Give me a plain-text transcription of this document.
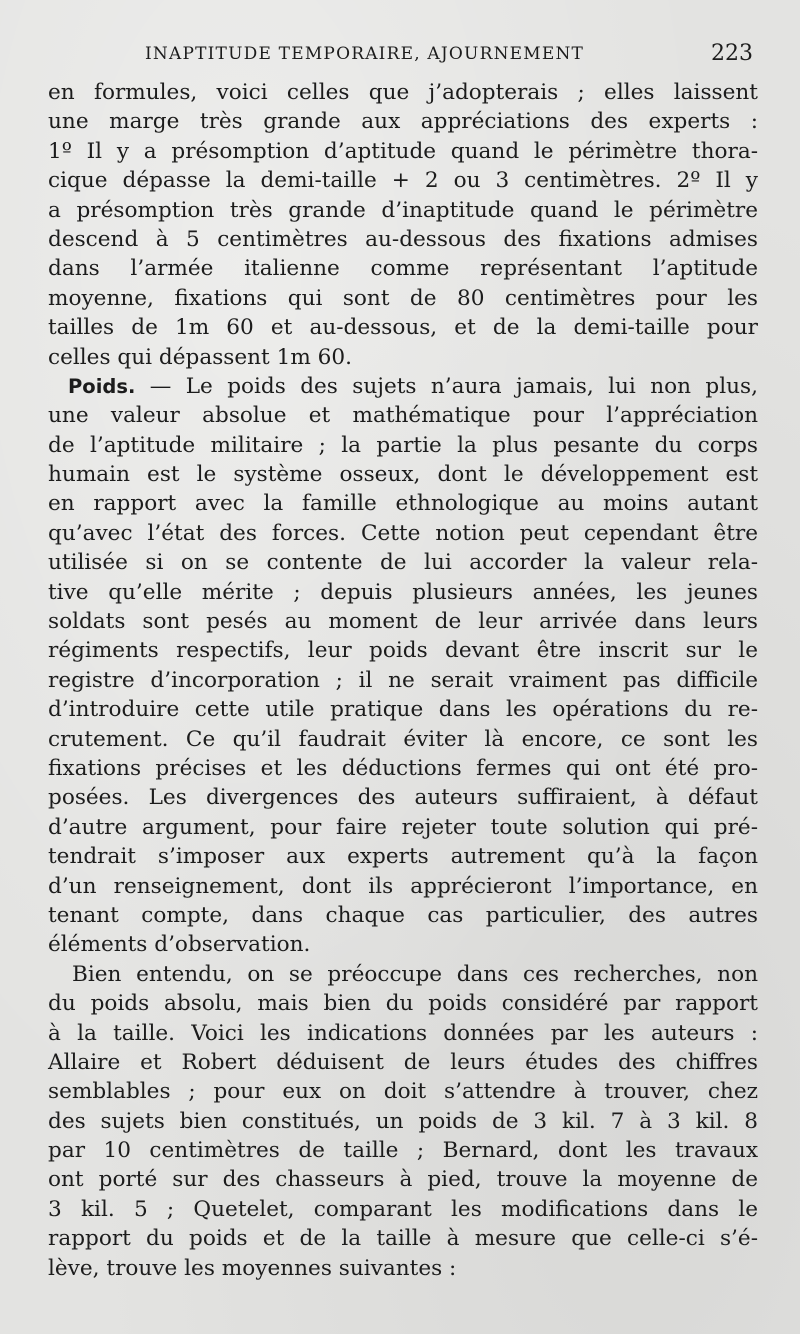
INAPTITUDE TEMPORAIRE, AJOURNEMENT	223
en formules, voici celles que j’adopterais ; elles laissent
une marge très grande aux appréciations des experts :
1º Il y a présomption d’aptitude quand le périmètre thora-
cique dépasse la demi-taille + 2 ou 3 centimètres. 2º Il y
a présomption très grande d’inaptitude quand le périmètre
descend à 5 centimètres au-dessous des fixations admises
dans l’armée italienne comme représentant l’aptitude
moyenne, fixations qui sont de 80 centimètres pour les
tailles de 1m 60 et au-dessous, et de la demi-taille pour
celles qui dépassent 1m 60.
Poids. — Le poids des sujets n’aura jamais, lui non plus,
une valeur absolue et mathématique pour l’appréciation
de l’aptitude militaire ; la partie la plus pesante du corps
humain est le système osseux, dont le développement est
en rapport avec la famille ethnologique au moins autant
qu’avec l’état des forces. Cette notion peut cependant être
utilisée si on se contente de lui accorder la valeur rela-
tive qu’elle mérite ; depuis plusieurs années, les jeunes
soldats sont pesés au moment de leur arrivée dans leurs
régiments respectifs, leur poids devant être inscrit sur le
registre d’incorporation ; il ne serait vraiment pas difficile
d’introduire cette utile pratique dans les opérations du re-
crutement. Ce qu’il faudrait éviter là encore, ce sont les
fixations précises et les déductions fermes qui ont été pro-
posées. Les divergences des auteurs suffiraient, à défaut
d’autre argument, pour faire rejeter toute solution qui pré-
tendrait s’imposer aux experts autrement qu’à la façon
d’un renseignement, dont ils apprécieront l’importance, en
tenant compte, dans chaque cas particulier, des autres
éléments d’observation.
Bien entendu, on se préoccupe dans ces recherches, non
du poids absolu, mais bien du poids considéré par rapport
à la taille. Voici les indications données par les auteurs :
Allaire et Robert déduisent de leurs études des chiffres
semblables ; pour eux on doit s’attendre à trouver, chez
des sujets bien constitués, un poids de 3 kil. 7 à 3 kil. 8
par 10 centimètres de taille ; Bernard, dont les travaux
ont porté sur des chasseurs à pied, trouve la moyenne de
3 kil. 5 ; Quetelet, comparant les modifications dans le
rapport du poids et de la taille à mesure que celle-ci s’é-
lève, trouve les moyennes suivantes :
